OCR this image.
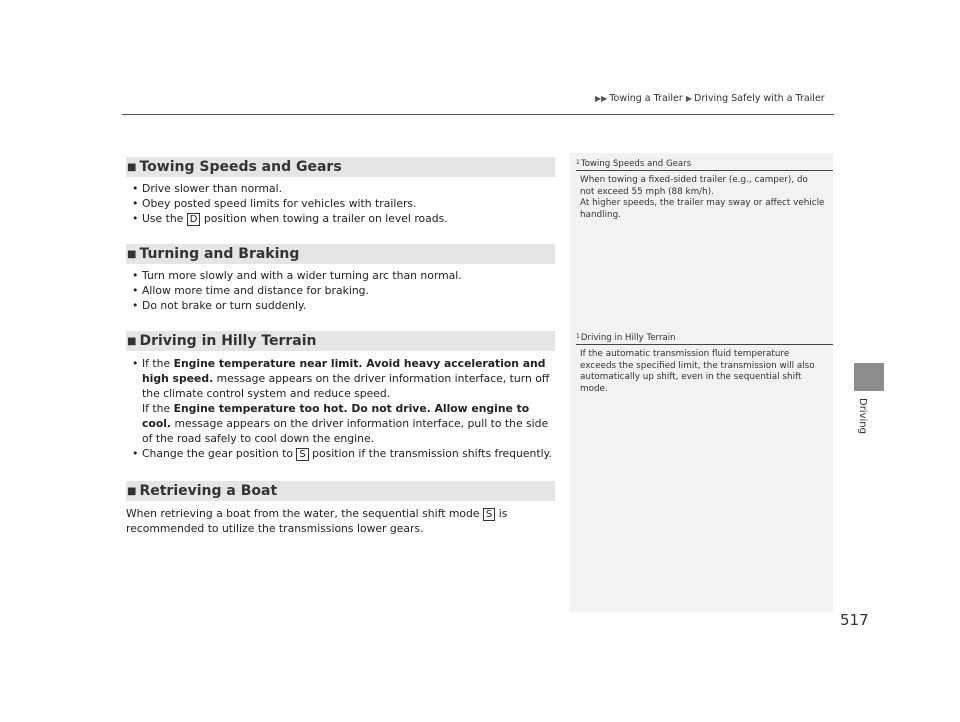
▶▶ Towing a Trailer ▶ Driving Safely with a Trailer
Driving
■ Towing Speeds and Gears
• Drive slower than normal.
• Obey posted speed limits for vehicles with trailers.
• Use the D position when towing a trailer on level roads.
■ Turning and Braking
• Turn more slowly and with a wider turning arc than normal.
• Allow more time and distance for braking.
• Do not brake or turn suddenly.
■ Driving in Hilly Terrain
• If the Engine temperature near limit. Avoid heavy acceleration and high speed. message appears on the driver information interface, turn off the climate control system and reduce speed.
If the Engine temperature too hot. Do not drive. Allow engine to cool. message appears on the driver information interface, pull to the side of the road safely to cool down the engine.
• Change the gear position to S position if the transmission shifts frequently.
■ Retrieving a Boat
When retrieving a boat from the water, the sequential shift mode S is recommended to utilize the transmissions lower gears.
$^1$Towing Speeds and Gears
When towing a fixed-sided trailer (e.g., camper), do not exceed 55 mph (88 km/h).
At higher speeds, the trailer may sway or affect vehicle handling.
$^1$Driving in Hilly Terrain
If the automatic transmission fluid temperature exceeds the specified limit, the transmission will also automatically up shift, even in the sequential shift mode.
517
